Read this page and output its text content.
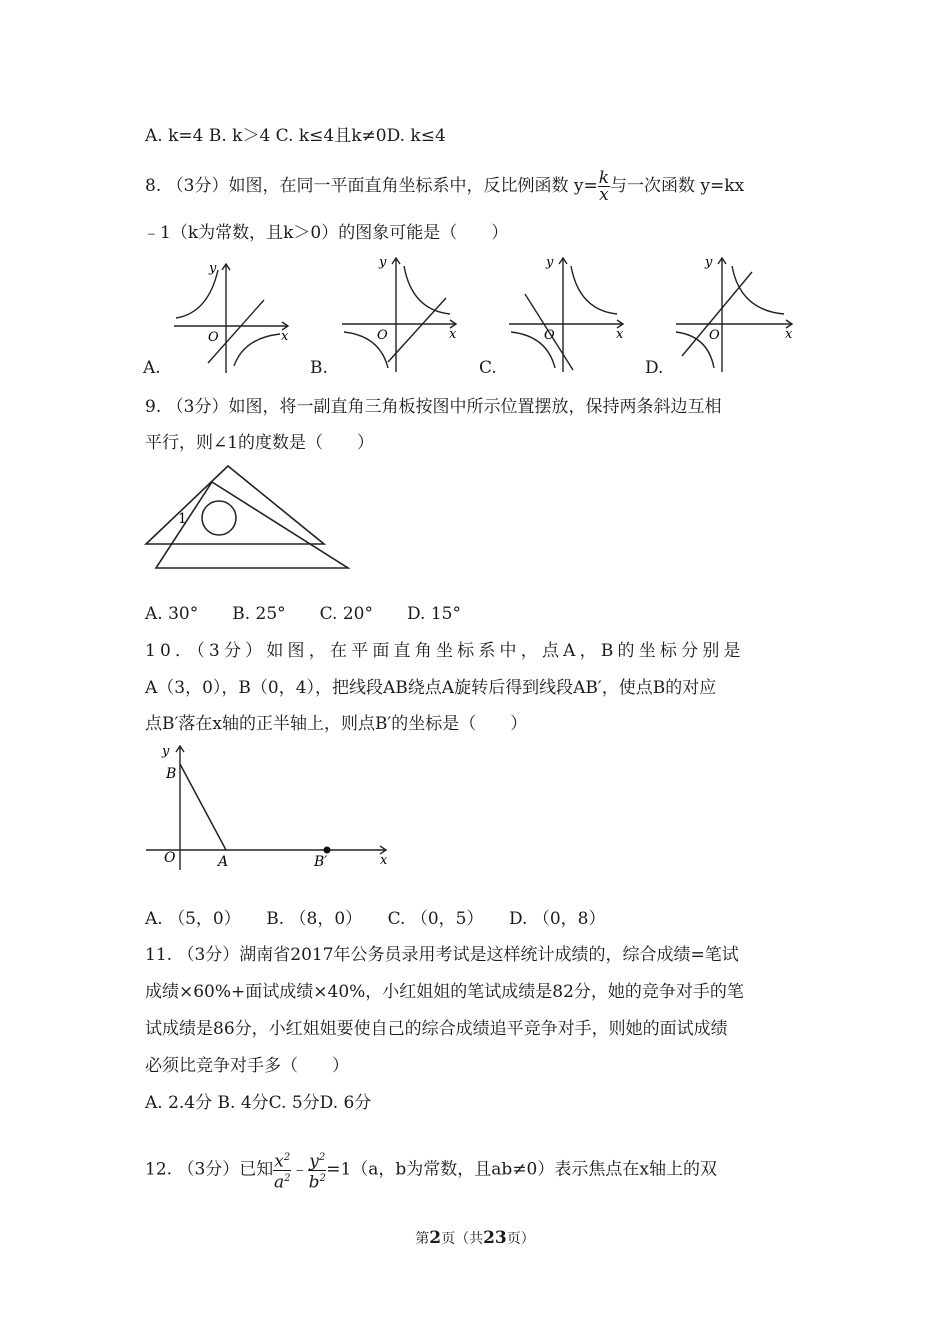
A. k=4 B. k＞4 C. k≤4且k≠0D. k≤4
8. （3分）如图，在同一平面直角坐标系中，反比例函数 $y= \frac{k}{x}$ 与一次函数 y=kx
﹣1（k为常数，且k＞0）的图象可能是（　　）
y
x
O
A.
y
x
O
B.
y
x
O
C.
y
x
O
D.
9. （3分）如图，将一副直角三角板按图中所示位置摆放，保持两条斜边互相
平行，则∠1的度数是（　　）
1
A. 30°　　B. 25°　　C. 20°　　D. 15°
10．（3分）如图，在平面直角坐标系中，点A，B的坐标分别是
A（3，0），B（0，4），把线段AB绕点A旋转后得到线段AB′，使点B的对应
点B′落在x轴的正半轴上，则点B′的坐标是（　　）
y
x
O
B
A	B′
A. （5，0）　　B. （8，0）　　C. （0，5）　　D. （0，8）
11. （3分）湖南省2017年公务员录用考试是这样统计成绩的，综合成绩=笔试
成绩×60%+面试成绩×40%，小红姐姐的笔试成绩是82分，她的竞争对手的笔
试成绩是86分，小红姐姐要使自己的综合成绩追平竞争对手，则她的面试成绩
必须比竞争对手多（　　）
A. 2.4分 B. 4分C. 5分D. 6分
12. （3分）已知 $\frac{x^2}{a^2}$ ﹣ $\frac{y^2}{b^2} =1(a$，b为常数，且ab≠0）表示焦点在x轴上的双
第2页（共23页）
